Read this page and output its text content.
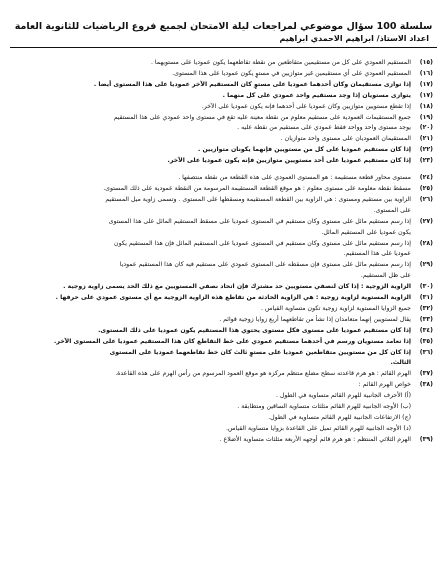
سلسلة 100 سؤال موضوعي لمراجعات ليلة الامتحان لجميع فروع الرياضيات للثانوية العامة
اعداد الاستاذ/ ابراهيم الاحمدي ابراهيم
(١٥)
المستقيم العمودي على كل من مستقيمين متقاطعين من نقطة تقاطعهما يكون عموديا على مستويهما .
(١٦)
المستقيم العمودي على أي مستقيمين غير متوازيين في مستوٍ يكون عموديا على هذا المستوى.
(١٧)
إذا توازى مستقيمان وكان أحدهما عموديا على مستوٍ كان المستقيم الآخر عموديا على هذا المستوى أيضا .
(١٧)
يتوازى مستويان إذا وجد مستقيم واحد عمودي على كل منهما .
(١٨)
إذا تقطع مستويين متوازيين وكان عموديا على أحدهما فإنه يكون عموديا على الآخر.
(١٩)
جميع المستقيمات العمودية على مستقيم معلوم من نقطة معينة عليه تقع في مستوى واحد عمودي على هذا المستقيم
(٢٠)
يوجد مستوى واحد وواحد فقط عمودي على مستقيم من نقطة عليه .
(٢١)
المستقيمان العموديان على مستوى واحد متوازيان .
(٢٢)
إذا كان مستقيم عموديا على كل من مستويين فإنهما يكونان متوازيين .
(٢٣)
إذا كان مستقيم عموديا على أحد مستويين متوازيين فإنه يكون عموديا على الآخر.
(٢٤)
مستوى محاور قطعة مستقيمة : هو المستوى العمودي على هذه القطعة من نقطة منتصفها .
(٢٥)
مسقط نقطة معلومة على مستوى معلوم : هو موقع القطعة المستقيمة المرسومة من النقطة عمودية على ذلك المستوى.
(٢٦)
الزاوية بين مستقيم ومستوى : هي الزاوية بين القطعة المستقيمة ومسقطها على المستوى . وتسمى زاوية ميل المستقيم
على المستوى.
(٢٧)
إذا رسم مستقيم مائل على مستوى وكان مستقيم في المستوى عموديا على مسقط المستقيم المائل على هذا المستوى
يكون عموديا على المستقيم المائل.
(٢٨)
إذا رسم مستقيم مائل على مستوى وكان مستقيم في المستوى عموديا على المستقيم المائل فإن هذا المستقيم يكون
عموديا على هذا المستقيم.
(٢٩)
إذا رسم مستقيم مائل على مستوى فإن مسقطه على المستوى عمودي على مستقيم فيه كان هذا المستقيم عموديا
على ظل المستقيم.
(٣٠)
الزاوية الزوجية : إذا كان لنصفي مستويين حد مشترك فإن اتحاد نصفي المستويين مع ذلك الحد يسمى زاوية زوجية .
(٣١)
الزاوية المستوية لزاوية زوجية : هي الزاوية الحادثة من تقاطع هذه الزاوية الزوجية مع أي مستوى عمودي على حرفها .
(٣٢)
جميع الزوايا المستوية لزاوية زوجية تكون متساوية القياس .
(٣٣)
يقال لمستويين إنهما متعامدان إذا نشأ من تقاطعهما أربع زوايا زوجية قوائم .
(٣٤)
إذا كان مستقيم عموديا على مستوى فكل مستوى يحتوي هذا المستقيم يكون عموديا على ذلك المستوى.
(٣٥)
إذا تعامد مستويان ورسم في أحدهما مستقيم عمودي على خط التقاطع كان هذا المستقيم عموديا على المستوى الآخر.
(٣٦)
إذا كان كل من مستويين متقاطعين عموديا على مستوٍ ثالث كان خط تقاطعهما عموديا على المستوى
الثالث.
(٣٧)
الهرم القائم : هو هرم قاعدته سطح مضلع منتظم مركزه هو موقع العمود المرسوم من رأس الهرم على هذه القاعدة.
(٣٨)
خواص الهرم القائم :
(أ) الأحرف الجانبية للهرم القائم متساوية في الطول .
(ب) الأوجه الجانبية للهرم القائم مثلثات متساوية الساقين ومتطابقة .
(ج) الارتفاعات الجانبية للهرم القائم متساوية في الطول.
(د) الأوجه الجانبية للهرم القائم تميل على القاعدة بزوايا متساوية القياس.
(٣٩)
الهرم الثلاثي المنتظم : هو هرم قائم أوجهه الأربعة مثلثات متساوية الأضلاع .
